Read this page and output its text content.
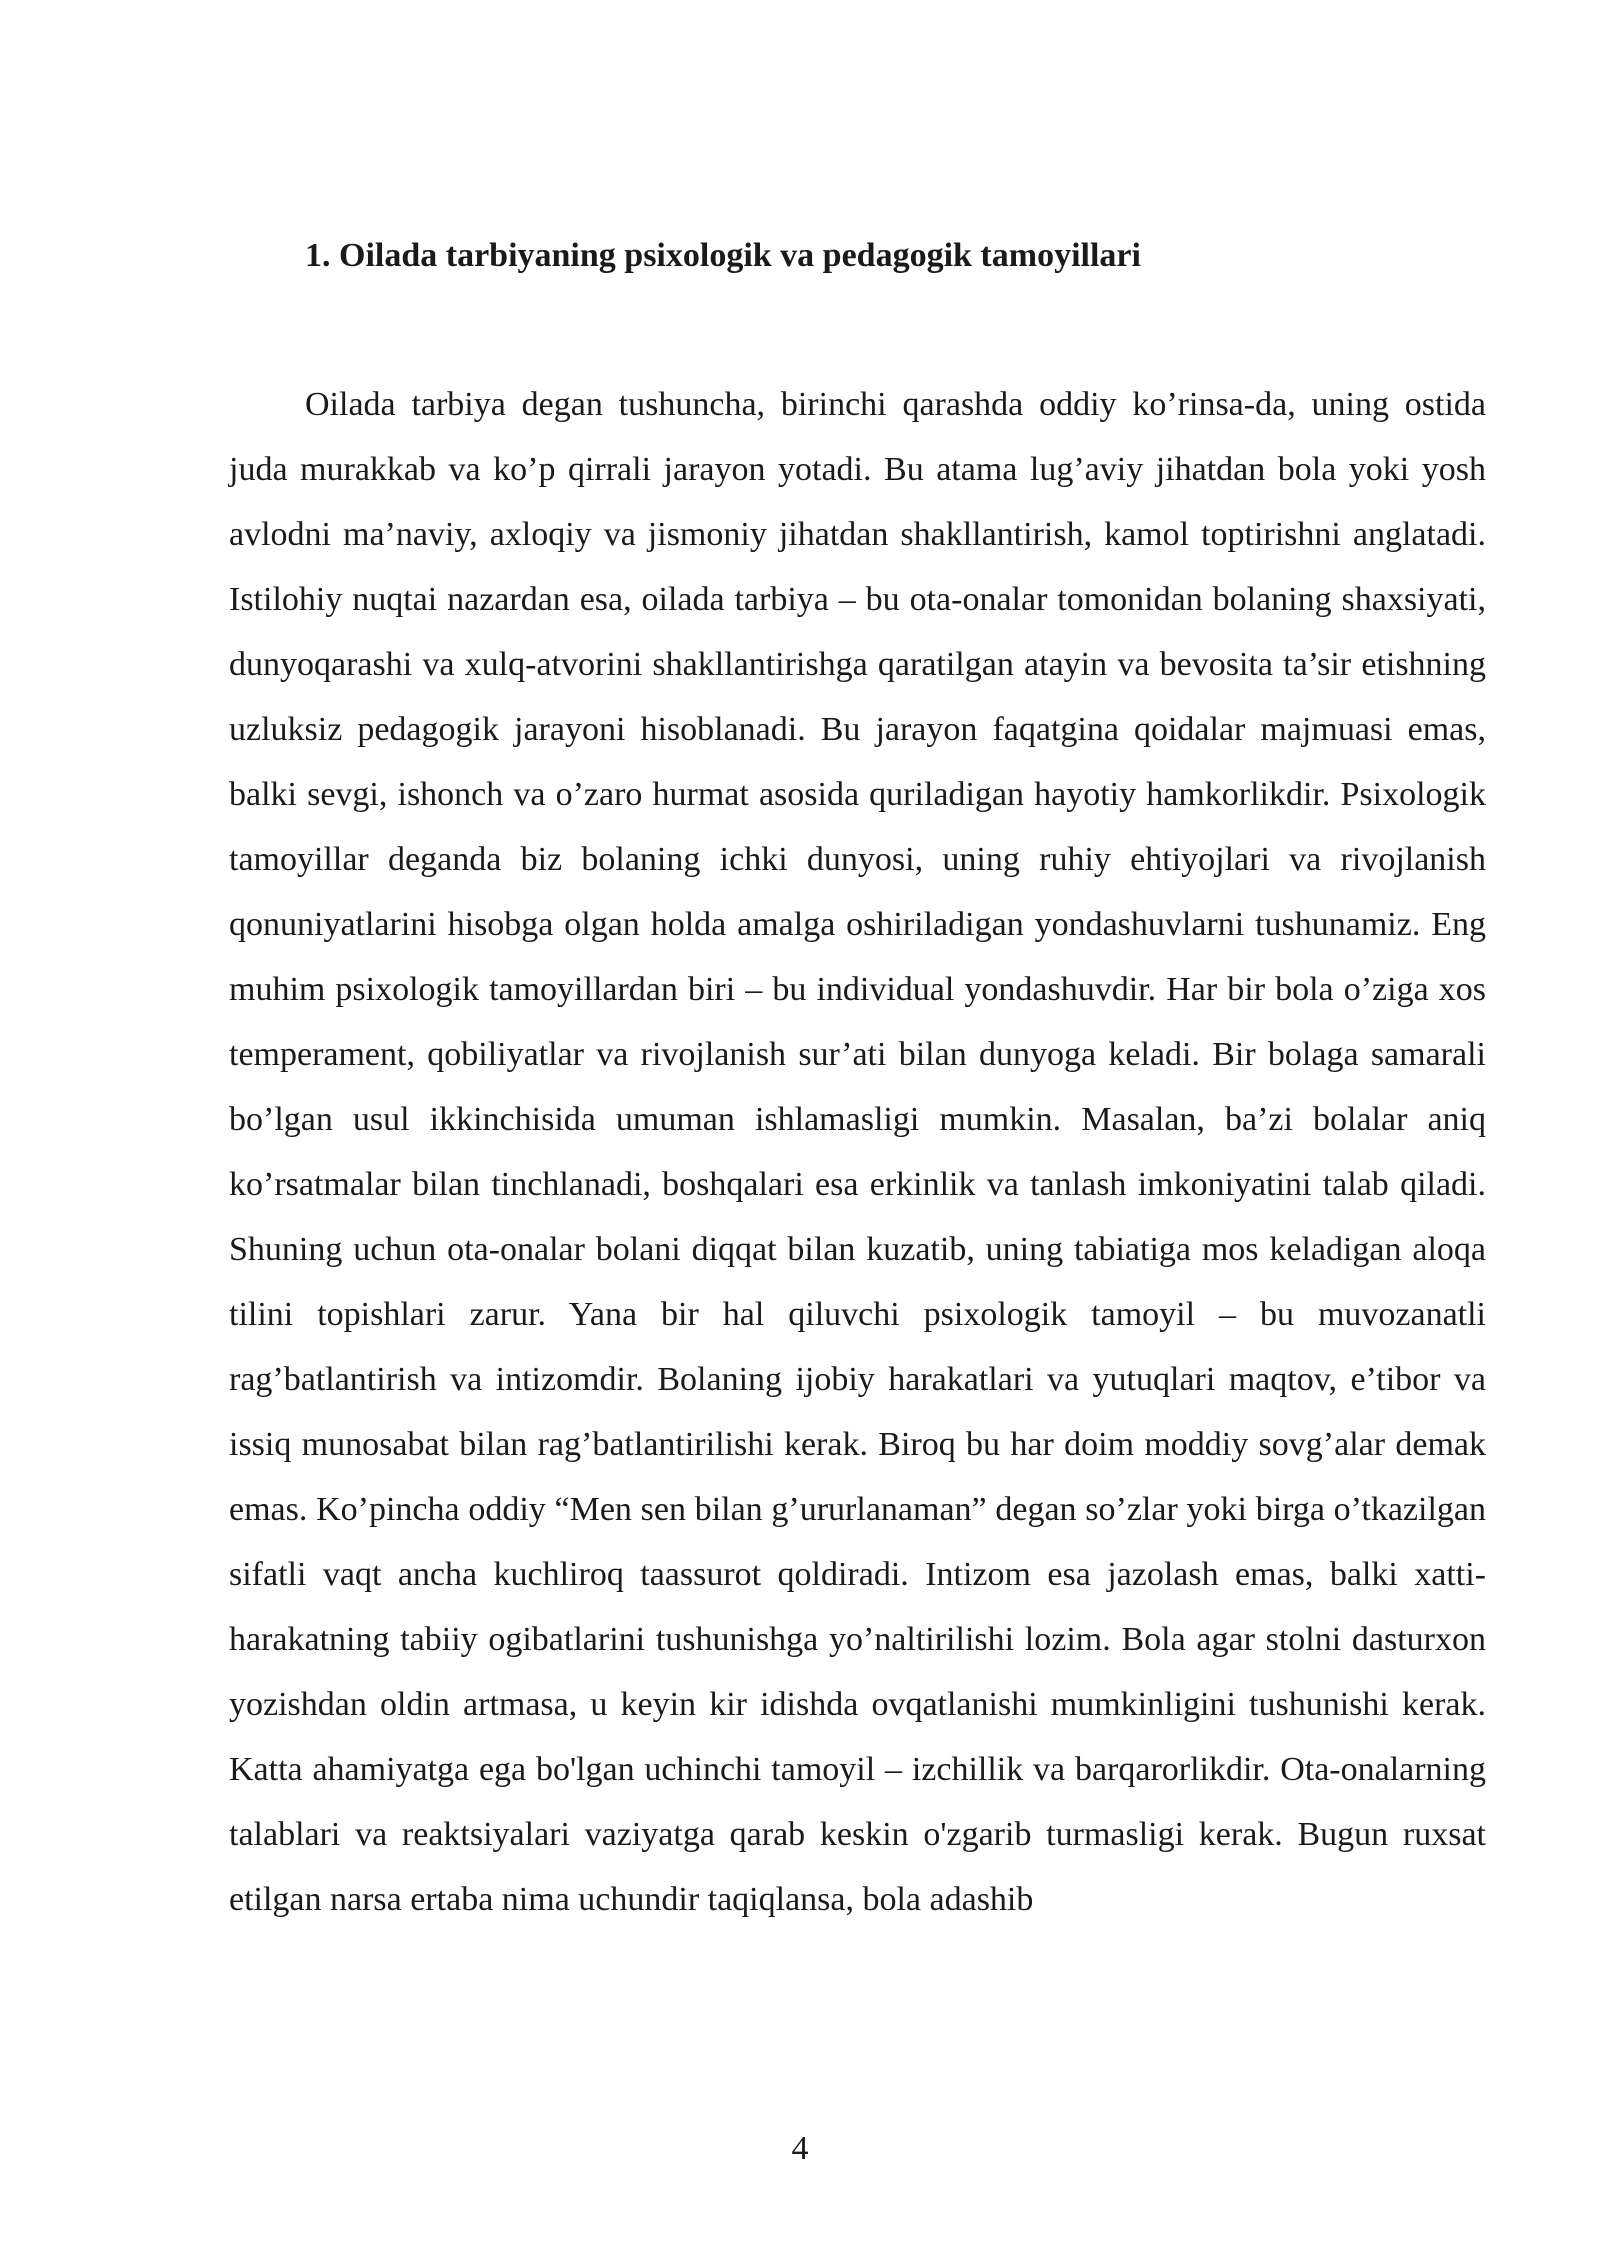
1. Oilada tarbiyaning psixologik va pedagogik tamoyillari

Oilada tarbiya degan tushuncha, birinchi qarashda oddiy ko’rinsa-da, uning ostida juda murakkab va ko’p qirrali jarayon yotadi. Bu atama lug’aviy jihatdan bola yoki yosh avlodni ma’naviy, axloqiy va jismoniy jihatdan shakllantirish, kamol toptirishni anglatadi. Istilohiy nuqtai nazardan esa, oilada tarbiya – bu ota-onalar tomonidan bolaning shaxsiyati, dunyoqarashi va xulq-atvorini shakllantirishga qaratilgan atayin va bevosita ta’sir etishning uzluksiz pedagogik jarayoni hisoblanadi. Bu jarayon faqatgina qoidalar majmuasi emas, balki sevgi, ishonch va o’zaro hurmat asosida quriladigan hayotiy hamkorlikdir. Psixologik tamoyillar deganda biz bolaning ichki dunyosi, uning ruhiy ehtiyojlari va rivojlanish qonuniyatlarini hisobga olgan holda amalga oshiriladigan yondashuvlarni tushunamiz. Eng muhim psixologik tamoyillardan biri – bu individual yondashuvdir. Har bir bola o’ziga xos temperament, qobiliyatlar va rivojlanish sur’ati bilan dunyoga keladi. Bir bolaga samarali bo’lgan usul ikkinchisida umuman ishlamasligi mumkin. Masalan, ba’zi bolalar aniq ko’rsatmalar bilan tinchlanadi, boshqalari esa erkinlik va tanlash imkoniyatini talab qiladi. Shuning uchun ota-onalar bolani diqqat bilan kuzatib, uning tabiatiga mos keladigan aloqa tilini topishlari zarur. Yana bir hal qiluvchi psixologik tamoyil – bu muvozanatli rag’batlantirish va intizomdir. Bolaning ijobiy harakatlari va yutuqlari maqtov, e’tibor va issiq munosabat bilan rag’batlantirilishi kerak. Biroq bu har doim moddiy sovg’alar demak emas. Ko’pincha oddiy “Men sen bilan g’ururlanaman” degan so’zlar yoki birga o’tkazilgan sifatli vaqt ancha kuchliroq taassurot qoldiradi. Intizom esa jazolash emas, balki xatti-harakatning tabiiy ogibatlarini tushunishga yo’naltirilishi lozim. Bola agar stolni dasturxon yozishdan oldin artmasa, u keyin kir idishda ovqatlanishi mumkinligini tushunishi kerak. Katta ahamiyatga ega bo'lgan uchinchi tamoyil – izchillik va barqarorlikdir. Ota-onalarning talablari va reaktsiyalari vaziyatga qarab keskin o'zgarib turmasligi kerak. Bugun ruxsat etilgan narsa ertaba nima uchundir taqiqlansa, bola adashib

4
